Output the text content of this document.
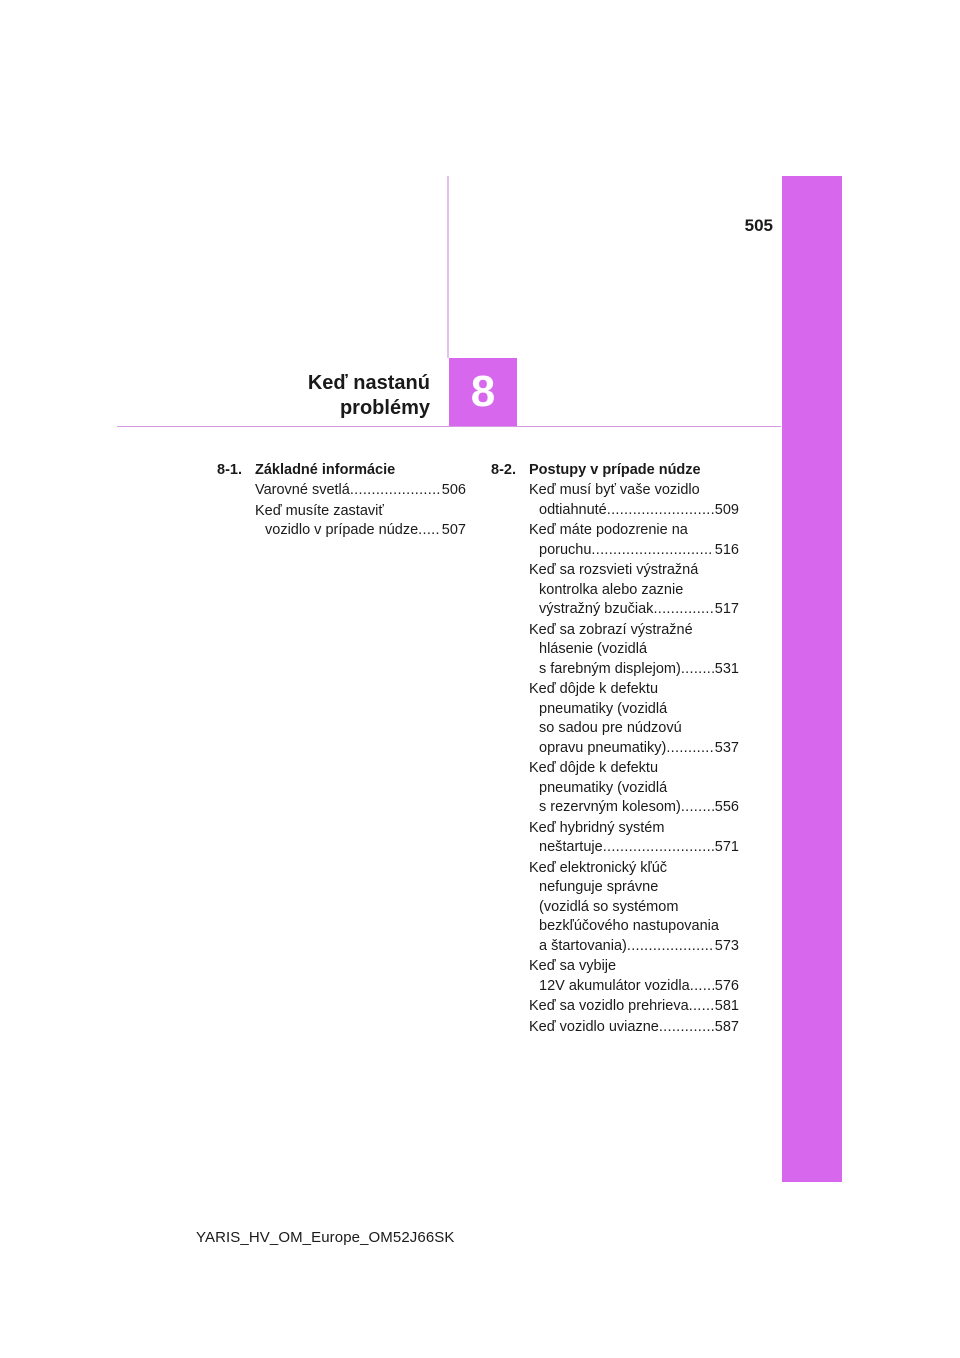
505
8
Keď nastanú
problémy
8-1. Základné informácie
Varovné svetlá .....	506
Keď musíte zastaviť
vozidlo v prípade núdze ..... 507
8-2. Postupy v prípade núdze
Keď musí byť vaše vozidlo
odtiahnuté .....	509
Keď máte podozrenie na
poruchu .....	516
Keď sa rozsvieti výstražná
kontrolka alebo zaznie
výstražný bzučiak .....	517
Keď sa zobrazí výstražné
hlásenie (vozidlá
s farebným displejom) ..... 531
Keď dôjde k defektu
pneumatiky (vozidlá
so sadou pre núdzovú
opravu pneumatiky) .....	537
Keď dôjde k defektu
pneumatiky (vozidlá
s rezervným kolesom) ..... 556
Keď hybridný systém
neštartuje .....	571
Keď elektronický kľúč
nefunguje správne
(vozidlá so systémom
bezkľúčového nastupovania
a štartovania) .....	573
Keď sa vybije
12V akumulátor vozidla ..... 576
Keď sa vozidlo prehrieva ..... 581
Keď vozidlo uviazne .....	587
YARIS_HV_OM_Europe_OM52J66SK
